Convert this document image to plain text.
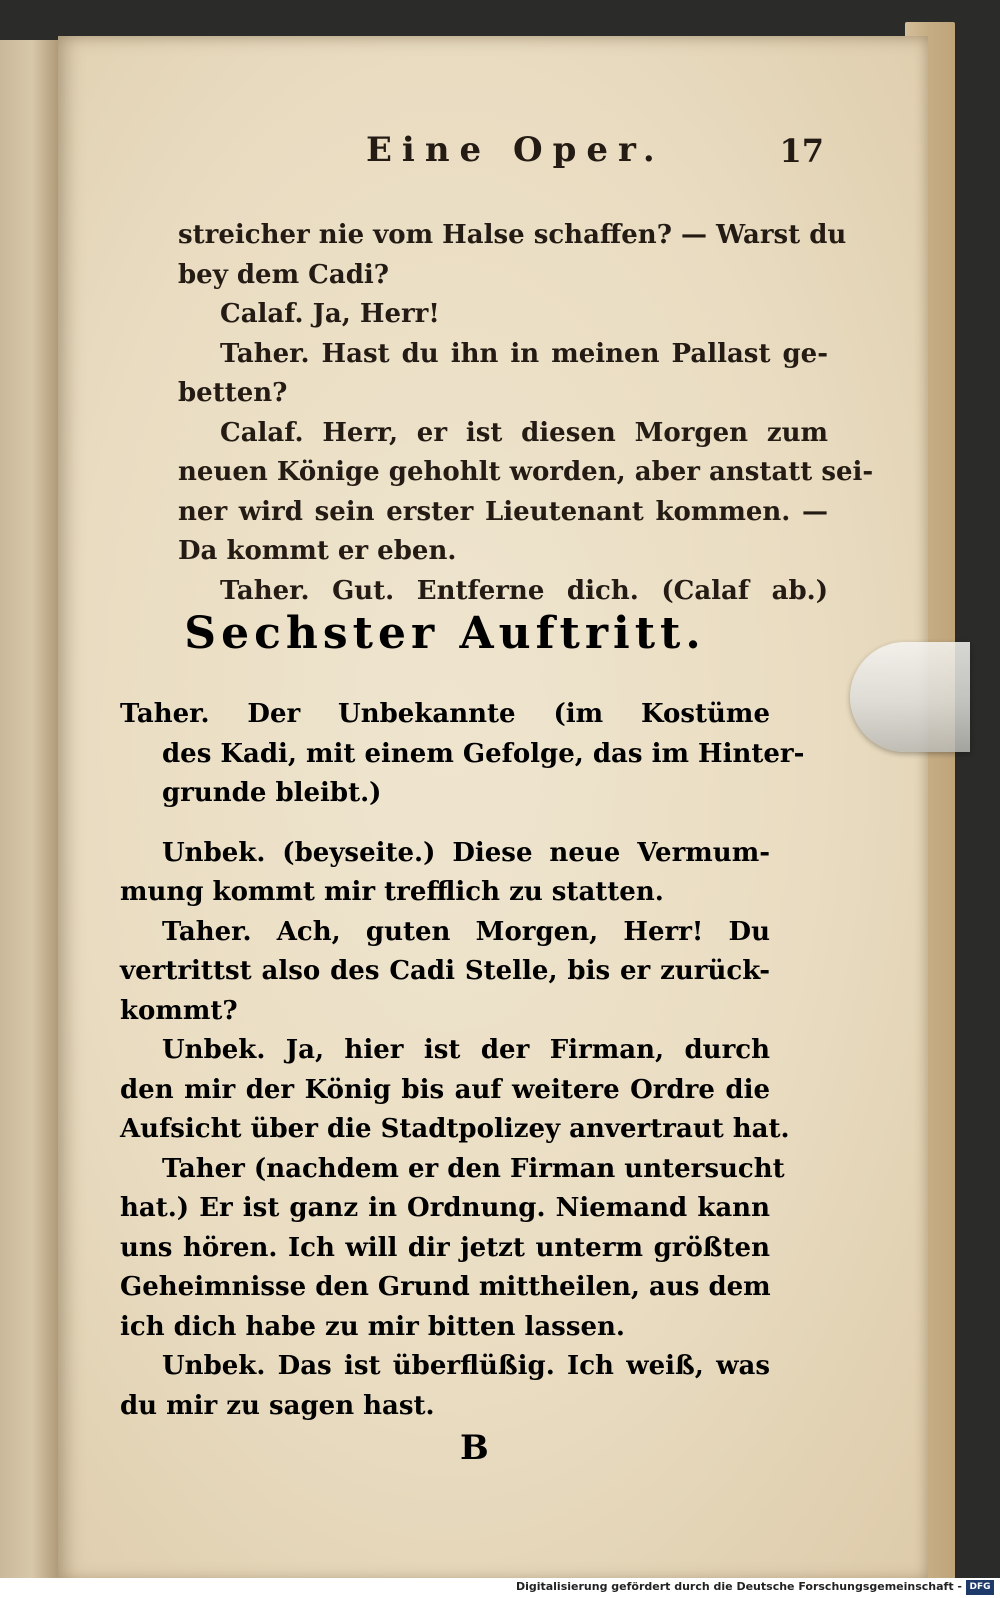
Eine Oper.	17
streicher nie vom Halse schaffen? — Warst du
bey dem Cadi?
Calaf. Ja, Herr!
Taher. Hast du ihn in meinen Pallast ge-
betten?
Calaf. Herr, er ist diesen Morgen zum
neuen Könige gehohlt worden, aber anstatt sei-
ner wird sein erster Lieutenant kommen. —
Da kommt er eben.
Taher. Gut. Entferne dich. (Calaf ab.)
Sechster Auftritt.
Taher. Der Unbekannte (im Kostüme
des Kadi, mit einem Gefolge, das im Hinter-
grunde bleibt.)
Unbek. (beyseite.) Diese neue Vermum-
mung kommt mir trefflich zu statten.
Taher. Ach, guten Morgen, Herr! Du
vertrittst also des Cadi Stelle, bis er zurück-
kommt?
Unbek. Ja, hier ist der Firman, durch
den mir der König bis auf weitere Ordre die
Aufsicht über die Stadtpolizey anvertraut hat.
Taher (nachdem er den Firman untersucht
hat.) Er ist ganz in Ordnung. Niemand kann
uns hören. Ich will dir jetzt unterm größten
Geheimnisse den Grund mittheilen, aus dem
ich dich habe zu mir bitten lassen.
Unbek. Das ist überflüßig. Ich weiß, was
du mir zu sagen hast.
B
Digitalisierung gefördert durch die Deutsche Forschungsgemeinschaft - DFG
